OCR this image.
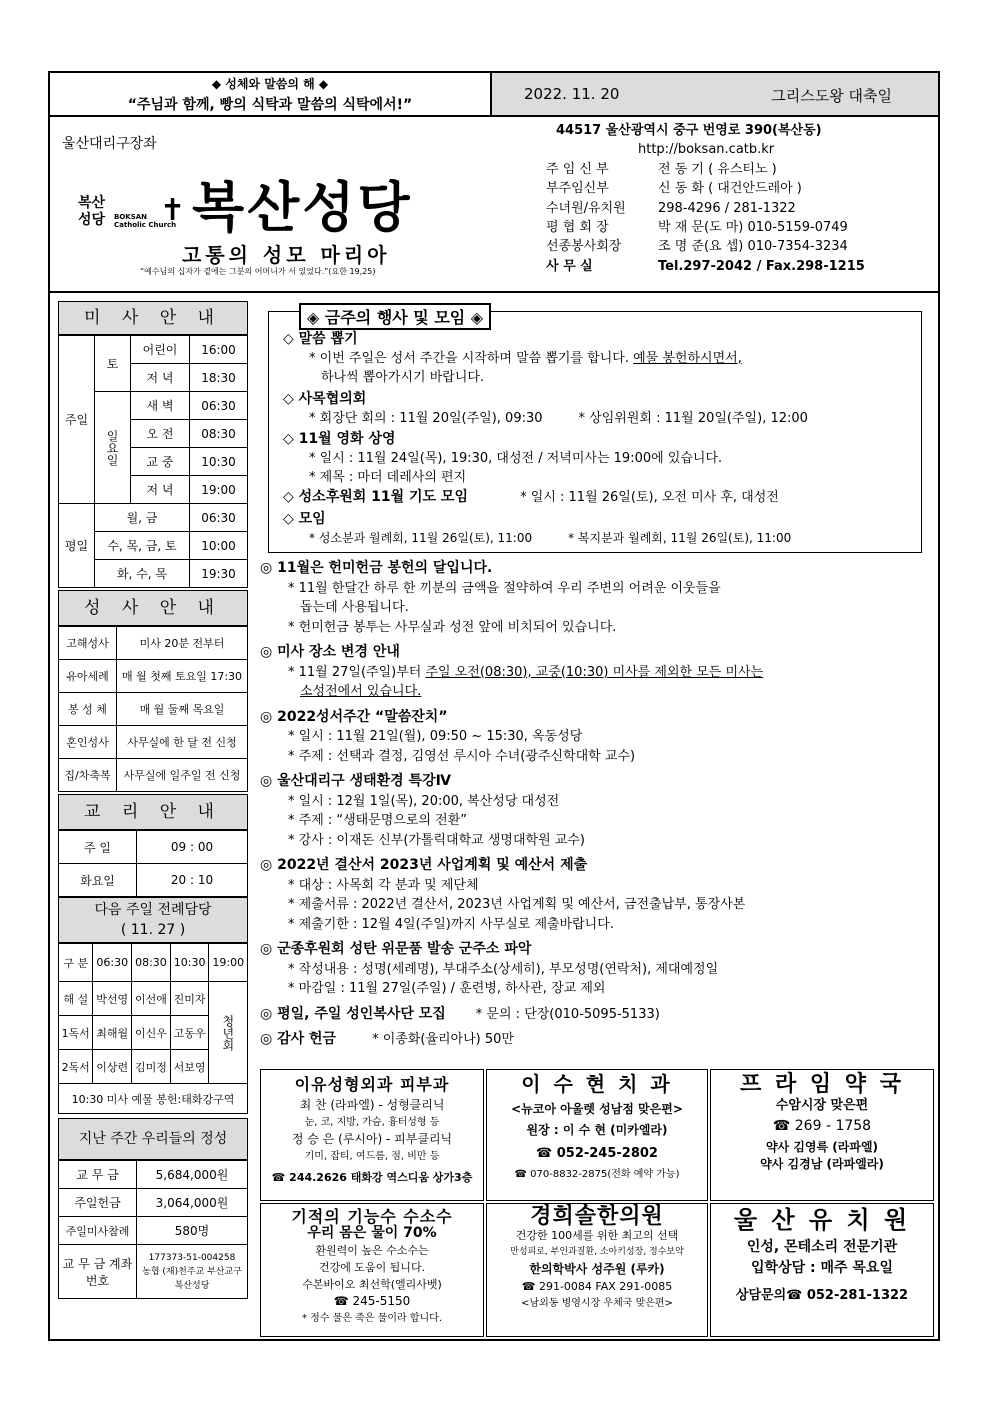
◆ 성체와 말씀의 해 ◆
“주님과 함께, 빵의 식탁과 말씀의 식탁에서!”
2022. 11. 20	그리스도왕 대축일
울산대리구장좌
복산
성당 BOKSAN
Catholic Church
✝ 복산성당
고통의 성모 마리아
“예수님의 십자가 곁에는 그분의 어머니가 서 있었다.”(요한 19,25)
44517 울산광역시 중구 번영로 390(복산동)
http://boksan.catb.kr
주 임 신 부	전 동 기 ( 유스티노 )
부주임신부	신 동 화 ( 대건안드레아 )
수녀원/유치원	298-4296 / 281-1322
평 협 회 장	박 재 문(도 마) 010-5159-0749
선종봉사회장	조 명 준(요 셉) 010-7354-3234
사 무 실	Tel.297-2042 / Fax.298-1215
미 사 안 내
주일	토	어린이	16:00
		저 녁	18:30
	일요일	새 벽	06:30
		오 전	08:30
		교 중	10:30
		저 녁	19:00
평일	월, 금		06:30
	수, 목, 금, 토		10:00
	화, 수, 목		19:30
성 사 안 내
고해성사	미사 20분 전부터
유아세례	매 월 첫째 토요일 17:30
봉 성 체	매 월 둘째 목요일
혼인성사	사무실에 한 달 전 신청
집/차축복	사무실에 일주일 전 신청
교 리 안 내
주 일	09 : 00
화요일	20 : 10
다음 주일 전례담당
( 11. 27 )
구 분	06:30	08:30	10:30	19:00
해 설	박선영	이선애	진미자	청년회
1독서	최해월	이신우	고동우	
2독서	이상련	김미정	서보영	
10:30 미사 예물 봉헌:태화강구역				
지난 주간 우리들의 정성
교 무 금	5,684,000원
주일헌금	3,064,000원
주일미사참례	580명
교 무 금 계좌번호	177373-51-004258
농협 (재)천주교 부산교구
복산성당
◈ 금주의 행사 및 모임 ◈
◇ 말씀 뽑기
* 이번 주일은 성서 주간을 시작하며 말씀 뽑기를 합니다. 예물 봉헌하시면서,
하나씩 뽑아가시기 바랍니다.
◇ 사목협의회
* 회장단 회의 : 11월 20일(주일), 09:30	* 상임위원회 : 11월 20일(주일), 12:00
◇ 11월 영화 상영
* 일시 : 11월 24일(목), 19:30, 대성전 / 저녁미사는 19:00에 있습니다.
* 제목 : 마더 데레사의 편지
◇ 성소후원회 11월 기도 모임	* 일시 : 11월 26일(토), 오전 미사 후, 대성전
◇ 모임
* 성소분과 월례회, 11월 26일(토), 11:00	* 복지분과 월례회, 11월 26일(토), 11:00
◎ 11월은 헌미헌금 봉헌의 달입니다.
* 11월 한달간 하루 한 끼분의 금액을 절약하여 우리 주변의 어려운 이웃들을
돕는데 사용됩니다.
* 헌미헌금 봉투는 사무실과 성전 앞에 비치되어 있습니다.
◎ 미사 장소 변경 안내
* 11월 27일(주일)부터 주일 오전(08:30), 교중(10:30) 미사를 제외한 모든 미사는
소성전에서 있습니다.
◎ 2022성서주간 “말씀잔치”
* 일시 : 11월 21일(월), 09:50 ~ 15:30, 옥동성당
* 주제 : 선택과 결정, 김영선 루시아 수녀(광주신학대학 교수)
◎ 울산대리구 생태환경 특강Ⅳ
* 일시 : 12월 1일(목), 20:00, 복산성당 대성전
* 주제 : “생태문명으로의 전환”
* 강사 : 이재돈 신부(가톨릭대학교 생명대학원 교수)
◎ 2022년 결산서 2023년 사업계획 및 예산서 제출
* 대상 : 사목회 각 분과 및 제단체
* 제출서류 : 2022년 결산서, 2023년 사업계획 및 예산서, 금전출납부, 통장사본
* 제출기한 : 12월 4일(주일)까지 사무실로 제출바랍니다.
◎ 군종후원회 성탄 위문품 발송 군주소 파악
* 작성내용 : 성명(세례명), 부대주소(상세히), 부모성명(연락처), 제대예정일
* 마감일 : 11월 27일(주일) / 훈련병, 하사관, 장교 제외
◎ 평일, 주일 성인복사단 모집 * 문의 : 단장(010-5095-5133)
◎ 감사 헌금	* 이종화(율리아나) 50만
이유성형외과 피부과
최 찬 (라파엘) - 성형클리닉
눈, 코, 지방, 가슴, 흉터성형 등
정 승 은 (루시아) - 피부클리닉
기미, 잡티, 여드름, 점, 비만 등
☎ 244.2626 태화강 역스디움 상가3층
이 수 현 치 과
<뉴코아 아울렛 성남점 맞은편>
원장 : 이 수 현 (미카엘라)
☎ 052-245-2802
☎ 070-8832-2875(전화 예약 가능)
프 라 임 약 국
수암시장 맞은편
☎ 269 - 1758
약사 김영륵 (라파엘)
약사 김경남 (라파엘라)
기적의 기능수 수소수
우리 몸은 물이 70%
환원력이 높은 수소수는
건강에 도움이 됩니다.
수본바이오 최선학(엘리사벳)
☎ 245-5150
* 정수 물은 죽은 물이라 합니다.
경희솔한의원
건강한 100세를 위한 최고의 선택
만성피로, 부인과질환, 소아키성장, 정수보약
한의학박사 성주원 (루카)
☎ 291-0084 FAX 291-0085
<남외동 병영시장 우체국 맞은편>
울 산 유 치 원
인성, 몬테소리 전문기관
입학상담 : 매주 목요일
상담문의☎ 052-281-1322
